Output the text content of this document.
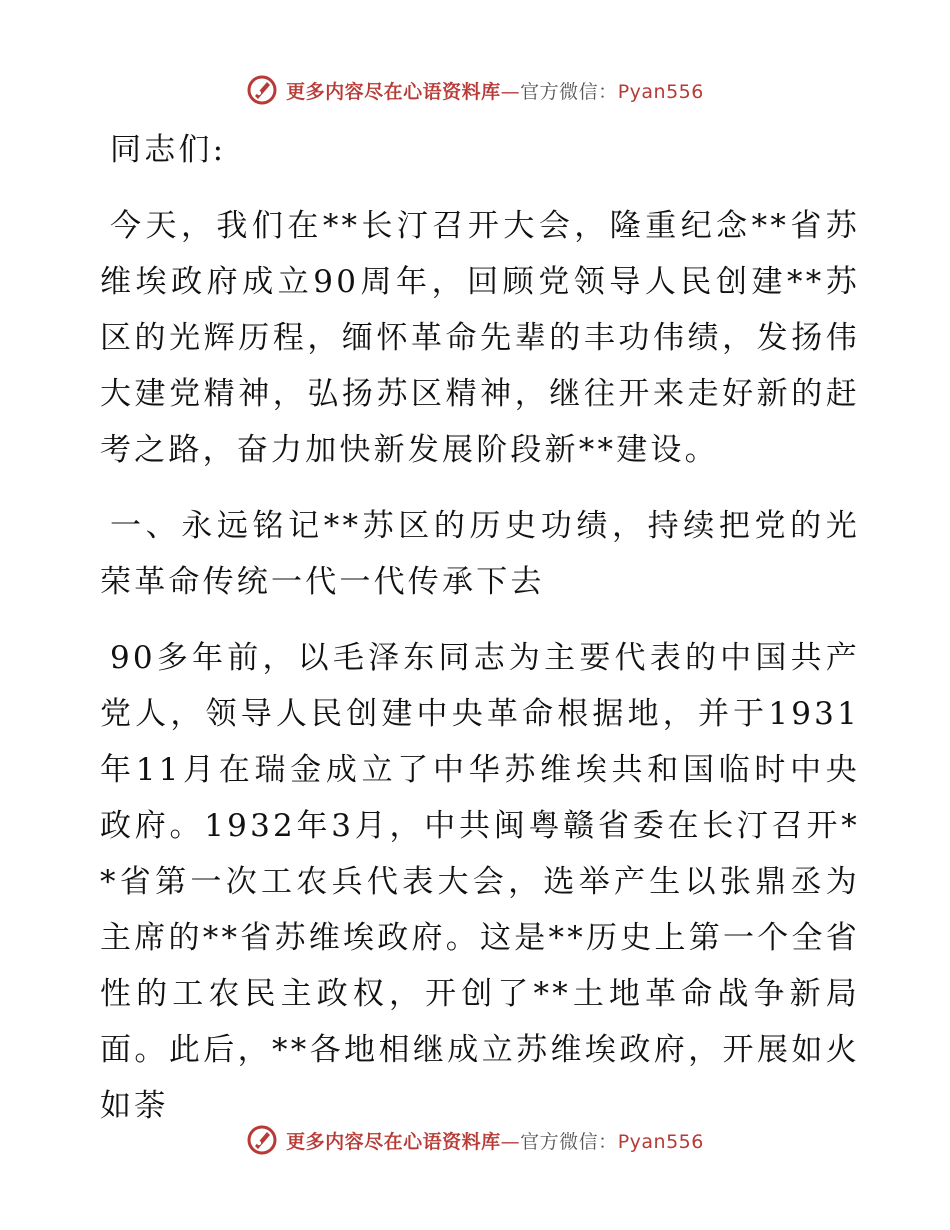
更多内容尽在心语资料库—官方微信：Pyan556

同志们:

今天，我们在**长汀召开大会，隆重纪念**省苏维埃政府成立90周年，回顾党领导人民创建**苏区的光辉历程，缅怀革命先辈的丰功伟绩，发扬伟大建党精神，弘扬苏区精神，继往开来走好新的赶考之路，奋力加快新发展阶段新**建设。

一、永远铭记**苏区的历史功绩，持续把党的光荣革命传统一代一代传承下去

90多年前，以毛泽东同志为主要代表的中国共产党人，领导人民创建中央革命根据地，并于1931年11月在瑞金成立了中华苏维埃共和国临时中央政府。1932年3月，中共闽粤赣省委在长汀召开**省第一次工农兵代表大会，选举产生以张鼎丞为主席的**省苏维埃政府。这是**历史上第一个全省性的工农民主政权，开创了**土地革命战争新局面。此后，**各地相继成立苏维埃政府，开展如火如荼

更多内容尽在心语资料库—官方微信：Pyan556
